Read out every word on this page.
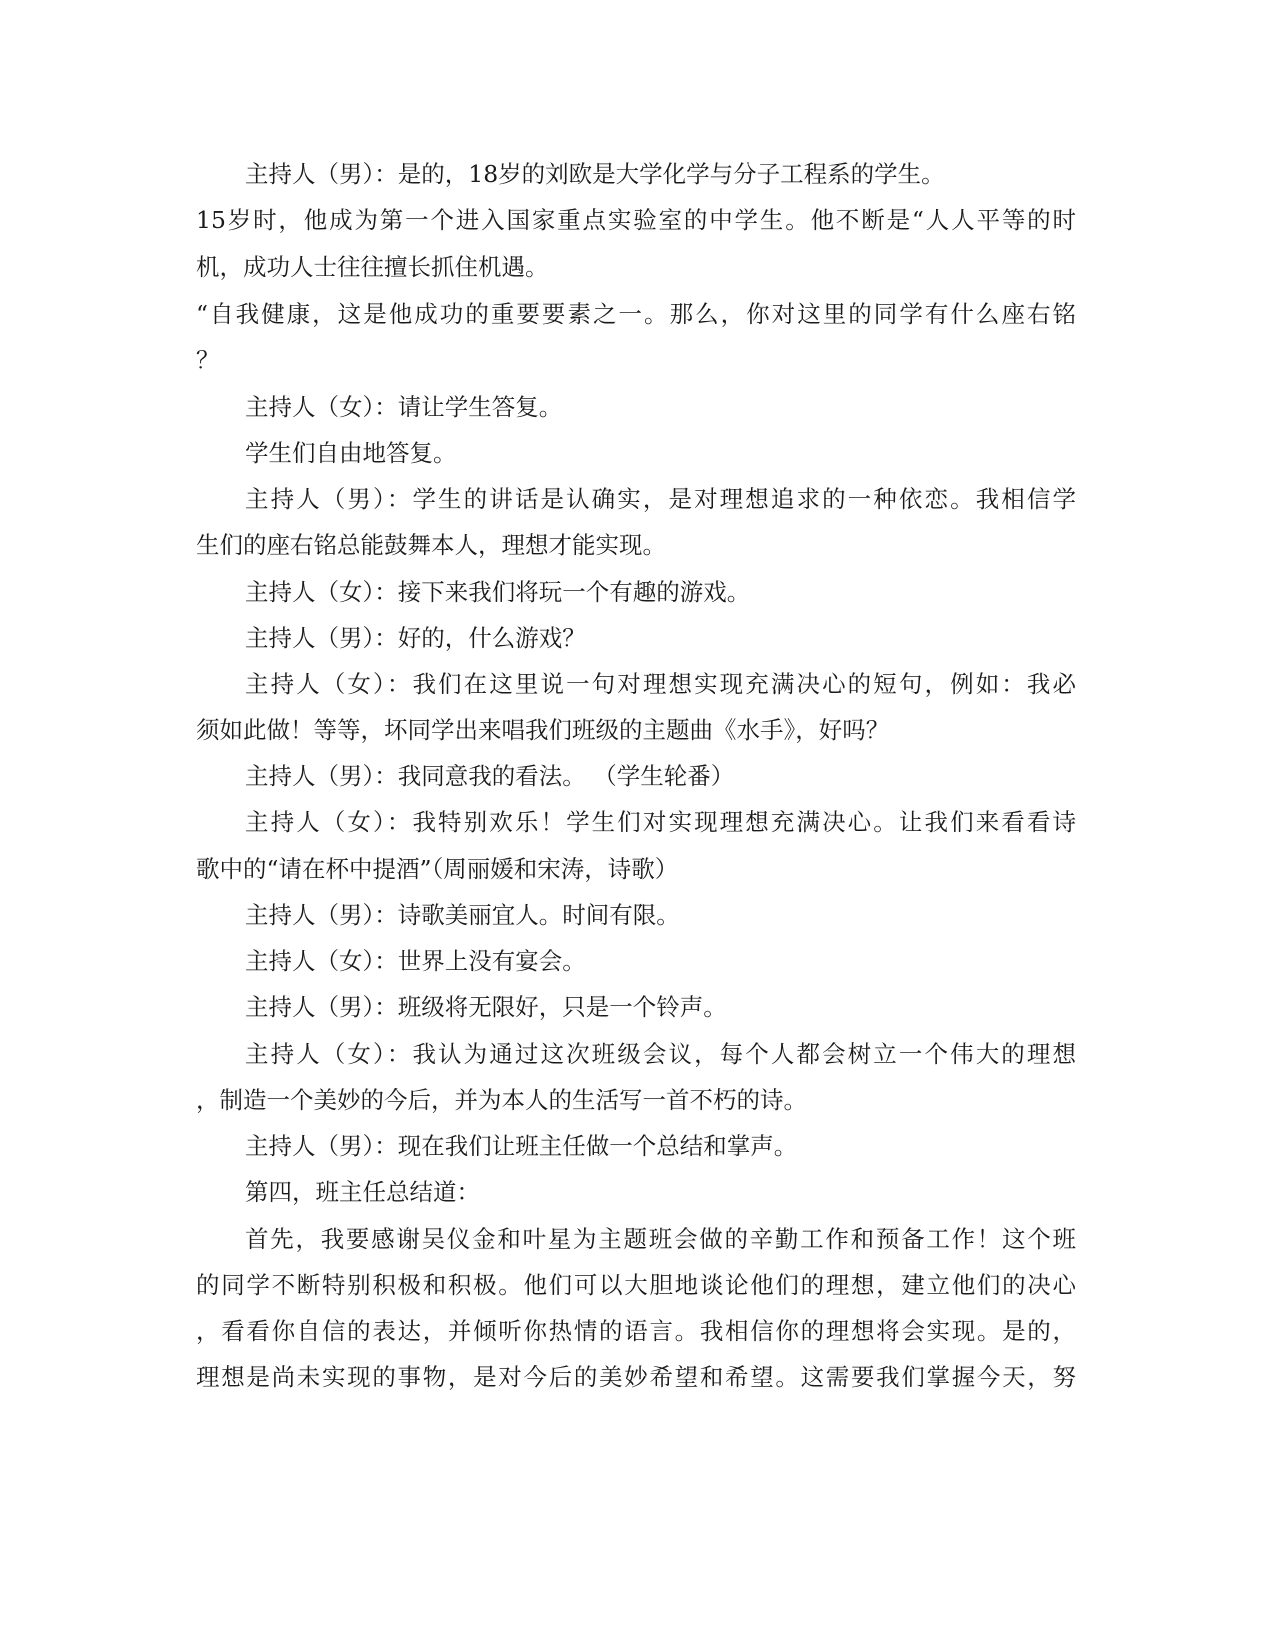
主持人（男）：是的，18岁的刘欧是大学化学与分子工程系的学生。
15岁时，他成为第一个进入国家重点实验室的中学生。他不断是“人人平等的时
机，成功人士往往擅长抓住机遇。
“自我健康，这是他成功的重要要素之一。那么，你对这里的同学有什么座右铭
？
主持人（女）：请让学生答复。
学生们自由地答复。
主持人（男）：学生的讲话是认确实，是对理想追求的一种依恋。我相信学
生们的座右铭总能鼓舞本人，理想才能实现。
主持人（女）：接下来我们将玩一个有趣的游戏。
主持人（男）：好的，什么游戏？
主持人（女）：我们在这里说一句对理想实现充满决心的短句，例如：我必
须如此做！等等，坏同学出来唱我们班级的主题曲《水手》，好吗？
主持人（男）：我同意我的看法。 （学生轮番）
主持人（女）：我特别欢乐！学生们对实现理想充满决心。让我们来看看诗
歌中的“请在杯中提酒”（周丽媛和宋涛，诗歌）
主持人（男）：诗歌美丽宜人。时间有限。
主持人（女）：世界上没有宴会。
主持人（男）：班级将无限好，只是一个铃声。
主持人（女）：我认为通过这次班级会议，每个人都会树立一个伟大的理想
，制造一个美妙的今后，并为本人的生活写一首不朽的诗。
主持人（男）：现在我们让班主任做一个总结和掌声。
第四，班主任总结道：
首先，我要感谢吴仪金和叶星为主题班会做的辛勤工作和预备工作！这个班
的同学不断特别积极和积极。他们可以大胆地谈论他们的理想，建立他们的决心
，看看你自信的表达，并倾听你热情的语言。我相信你的理想将会实现。是的，
理想是尚未实现的事物，是对今后的美妙希望和希望。这需要我们掌握今天，努
